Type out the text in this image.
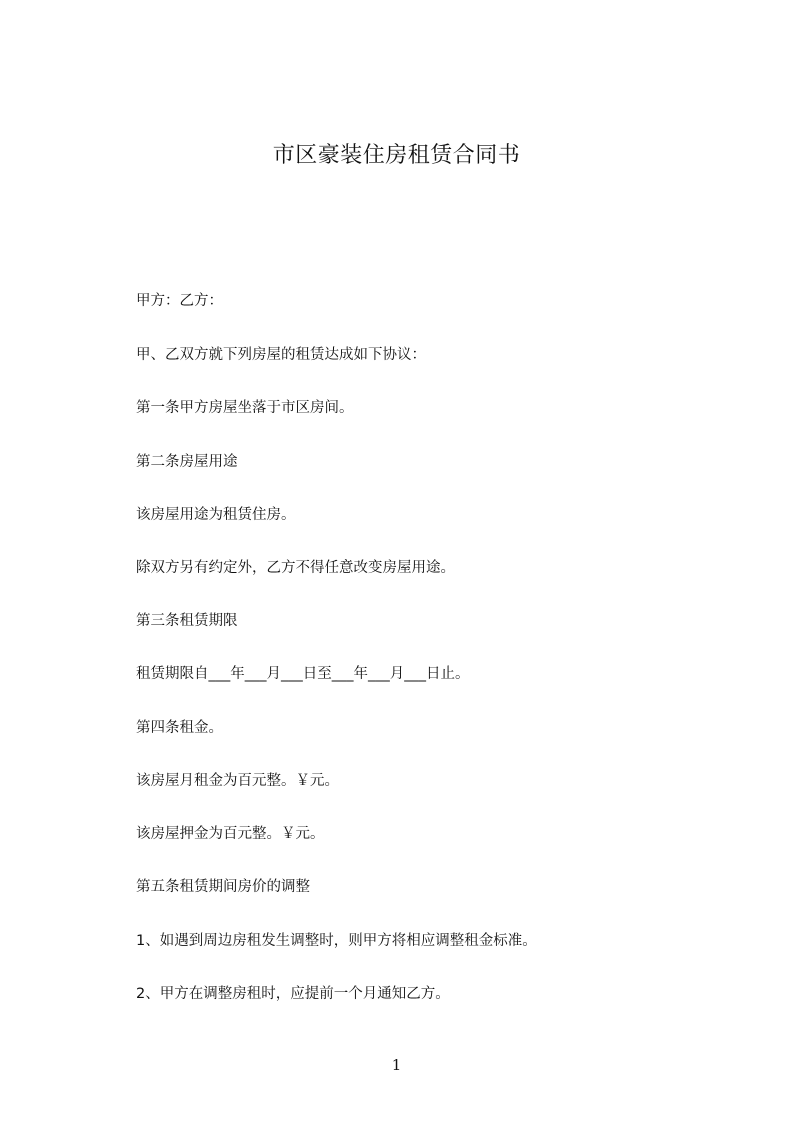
市区豪装住房租赁合同书
甲方：乙方：
甲、乙双方就下列房屋的租赁达成如下协议：
第一条甲方房屋坐落于市区房间。
第二条房屋用途
该房屋用途为租赁住房。
除双方另有约定外，乙方不得任意改变房屋用途。
第三条租赁期限
租赁期限自___年___月___日至___年___月___日止。
第四条租金。
该房屋月租金为百元整。￥元。
该房屋押金为百元整。￥元。
第五条租赁期间房价的调整
1、如遇到周边房租发生调整时，则甲方将相应调整租金标准。
2、甲方在调整房租时，应提前一个月通知乙方。
1
